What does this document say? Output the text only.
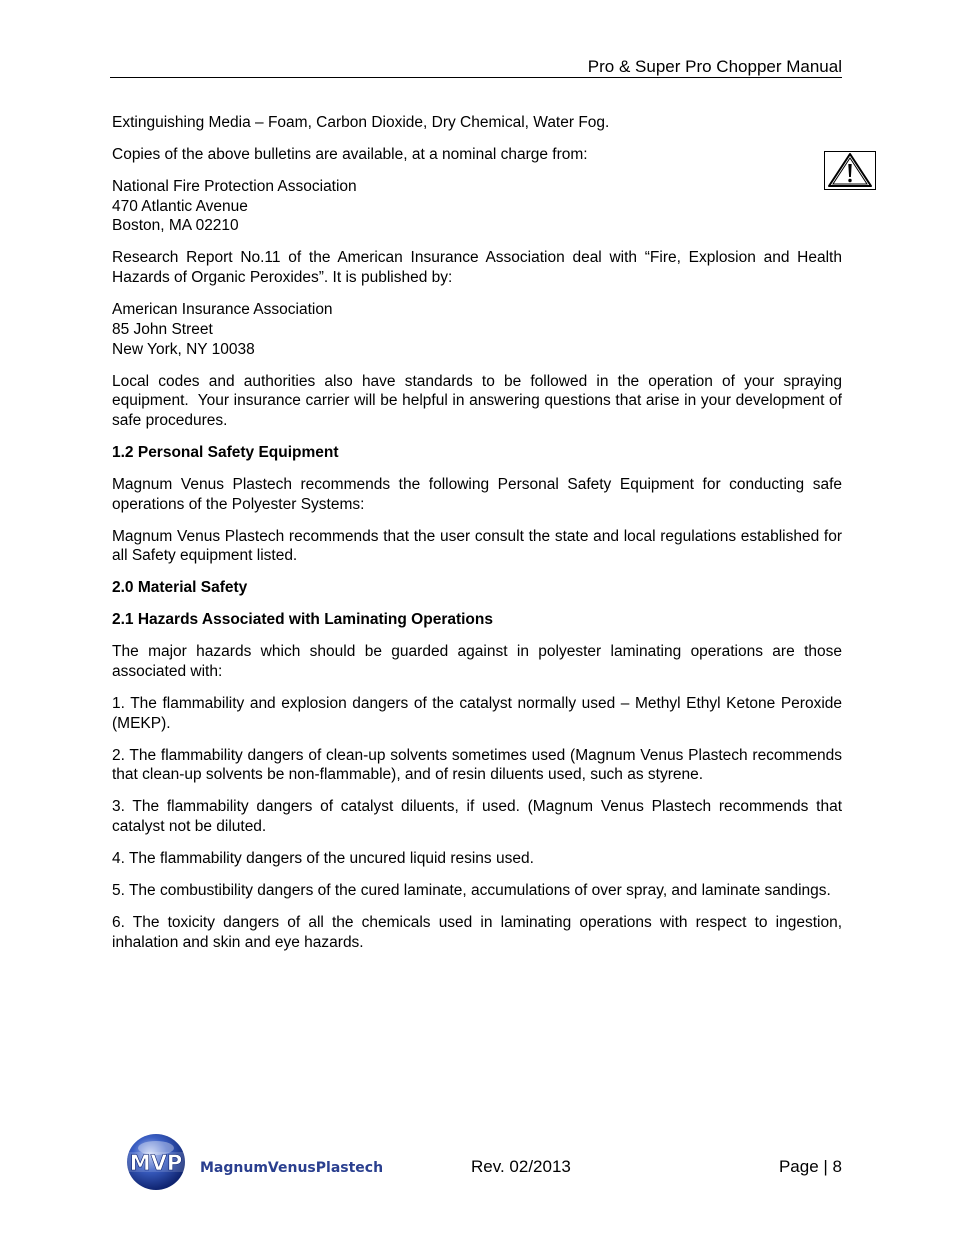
Pro & Super Pro Chopper Manual

Extinguishing Media – Foam, Carbon Dioxide, Dry Chemical, Water Fog.

Copies of the above bulletins are available, at a nominal charge from:

National Fire Protection Association
470 Atlantic Avenue
Boston, MA 02210

Research Report No.11 of the American Insurance Association deal with “Fire, Explosion and Health Hazards of Organic Peroxides”. It is published by:

American Insurance Association
85 John Street
New York, NY 10038

Local codes and authorities also have standards to be followed in the operation of your spraying equipment.  Your insurance carrier will be helpful in answering questions that arise in your development of safe procedures.

1.2 Personal Safety Equipment

Magnum Venus Plastech recommends the following Personal Safety Equipment for conducting safe operations of the Polyester Systems:

Magnum Venus Plastech recommends that the user consult the state and local regulations established for all Safety equipment listed.

2.0 Material Safety
2.1 Hazards Associated with Laminating Operations

The major hazards which should be guarded against in polyester laminating operations are those associated with:

1. The flammability and explosion dangers of the catalyst normally used – Methyl Ethyl Ketone Peroxide (MEKP).

2. The flammability dangers of clean-up solvents sometimes used (Magnum Venus Plastech recommends that clean-up solvents be non-flammable), and of resin diluents used, such as styrene.

3. The flammability dangers of catalyst diluents, if used. (Magnum Venus Plastech recommends that catalyst not be diluted.

4. The flammability dangers of the uncured liquid resins used.

5. The combustibility dangers of the cured laminate, accumulations of over spray, and laminate sandings.

6. The toxicity dangers of all the chemicals used in laminating operations with respect to ingestion, inhalation and skin and eye hazards.

MVP MagnumVenusPlastech	Rev. 02/2013	Page | 8
